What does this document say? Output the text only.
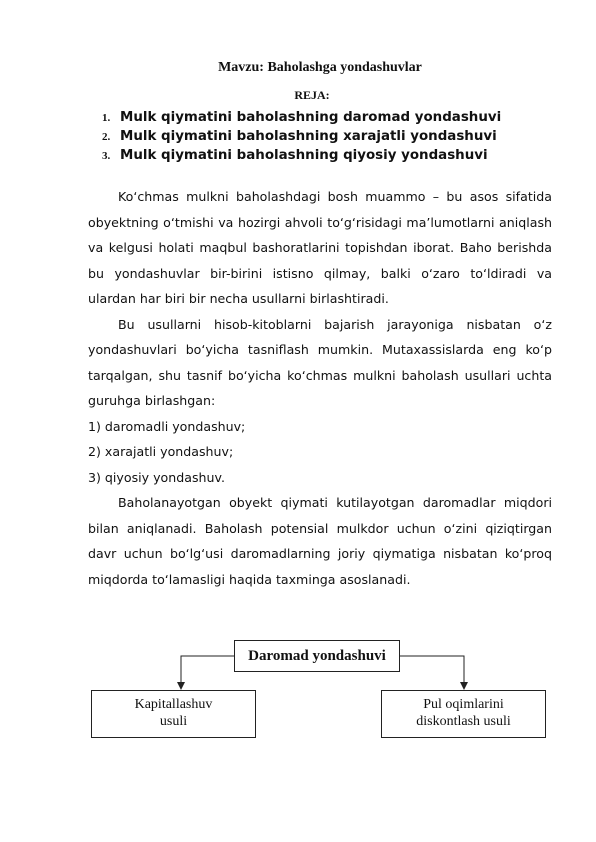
Mavzu: Baholashga yondashuvlar
REJA:
1. Mulk qiymatini baholashning daromad yondashuvi
2. Mulk qiymatini baholashning xarajatli yondashuvi
3. Mulk qiymatini baholashning qiyosiy yondashuvi

Ko‘chmas mulkni baholashdagi bosh muammo – bu asos sifatida obyektning o‘tmishi va hozirgi ahvoli to‘g‘risidagi ma’lumotlarni aniqlash va kelgusi holati maqbul bashoratlarini topishdan iborat. Baho berishda bu yondashuvlar bir-birini istisno qilmay, balki o‘zaro to‘ldiradi va ulardan har biri bir necha usullarni birlashtiradi.

Bu usullarni hisob-kitoblarni bajarish jarayoniga nisbatan o‘z yondashuvlari bo‘yicha tasniflash mumkin. Mutaxassislarda eng ko‘p tarqalgan, shu tasnif bo‘yicha ko‘chmas mulkni baholash usullari uchta guruhga birlashgan:

1) daromadli yondashuv;

2) xarajatli yondashuv;

3) qiyosiy yondashuv.

Baholanayotgan obyekt qiymati kutilayotgan daromadlar miqdori bilan aniqlanadi. Baholash potensial mulkdor uchun o‘zini qiziqtirgan davr uchun bo‘lg‘usi daromadlarning joriy qiymatiga nisbatan ko‘proq miqdorda to‘lamasligi haqida taxminga asoslanadi.

Daromad yondashuvi
Kapitallashuv
usuli
Pul oqimlarini
diskontlash usuli
